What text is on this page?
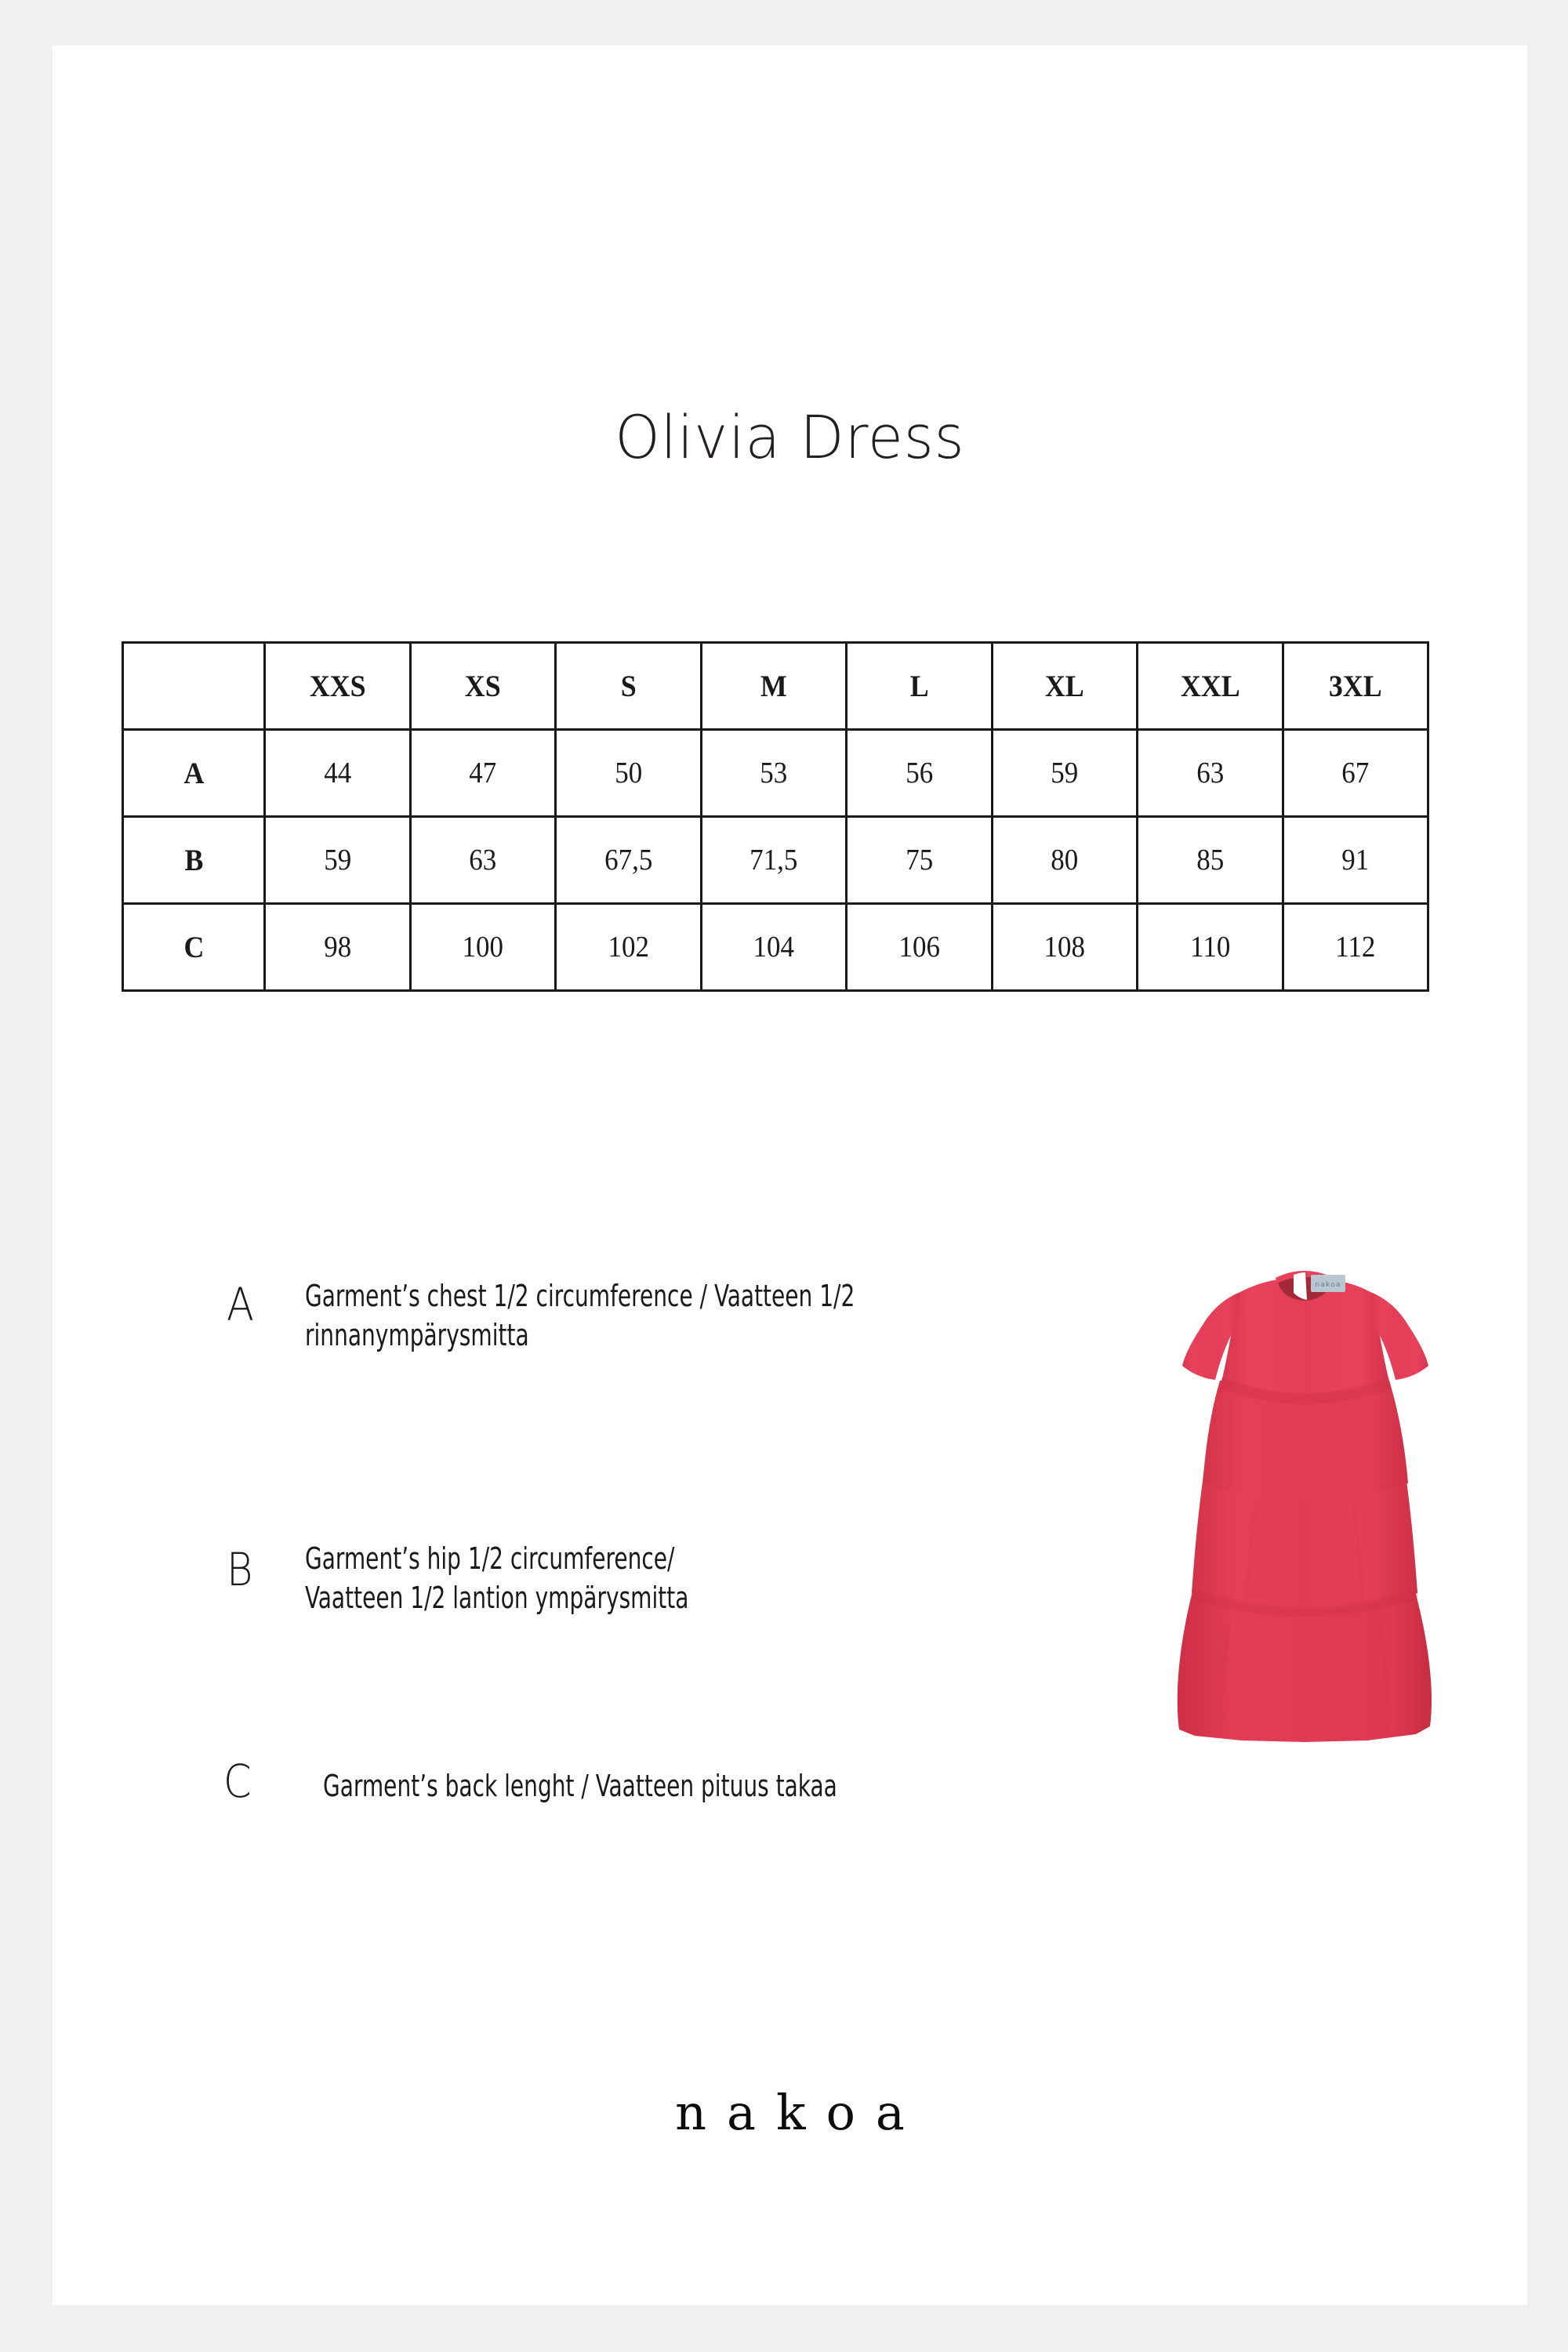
Olivia Dress
	XXS	XS	S	M	L	XL	XXL	3XL
A	44	47	50	53	56	59	63	67
B	59	63	67,5	71,5	75	80	85	91
C	98	100	102	104	106	108	110	112
A Garment’s chest 1/2 circumference / Vaatteen 1/2
rinnanympärysmitta
B Garment’s hip 1/2 circumference/
Vaatteen 1/2 lantion ympärysmitta
C Garment’s back lenght / Vaatteen pituus takaa
nakoa
nakoa
